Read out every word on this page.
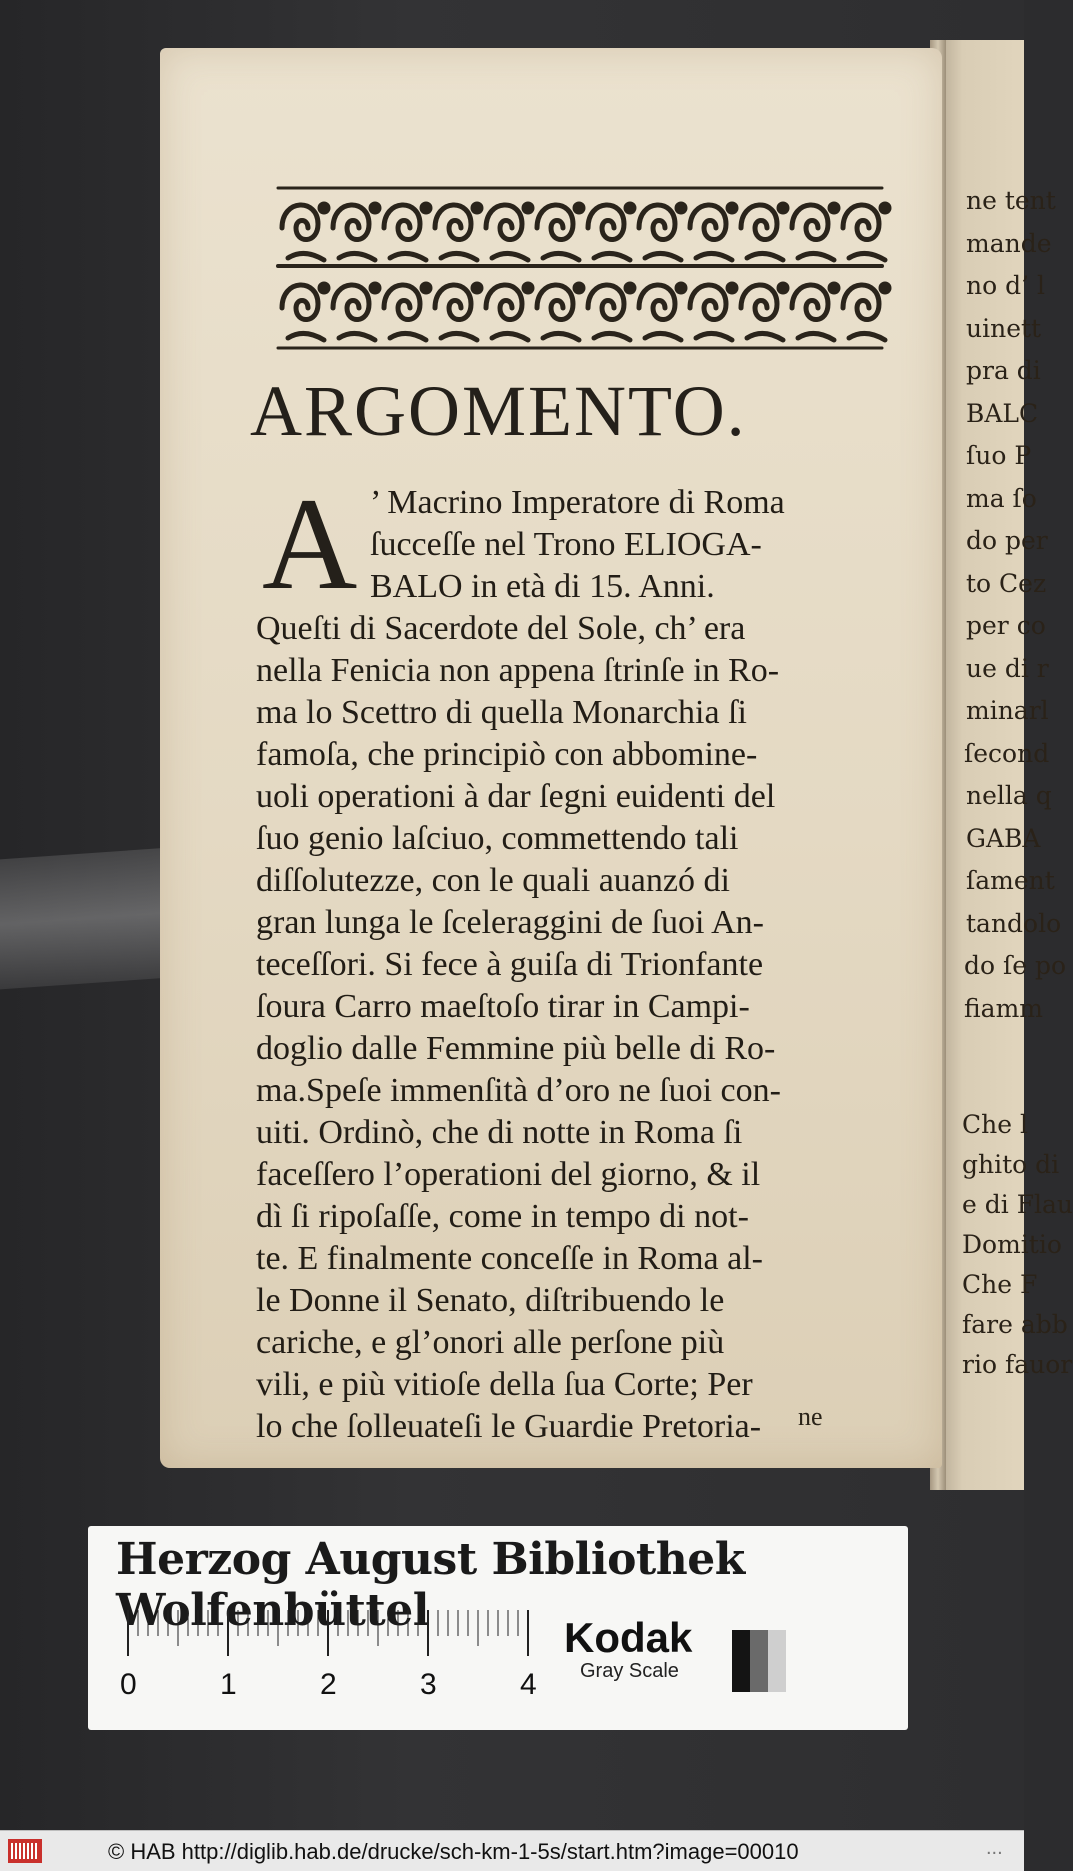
ne tent
mande
no d’ l
uinett
pra di
BALC
ſuo P
ma ſo
do per
to Cez
per co
ue di r
minarl
ſecond
nella q
GABA
ſament
tandolo
do ſe po
fiamm
Che l
ghito di
e di Flau
Domitio
Che F
fare abb
rio fauor
ARGOMENTO.
A ’ Macrino Imperatore di Roma
ſucceſſe nel Trono ELIOGA-
BALO in età di 15. Anni.
Queſti di Sacerdote del Sole, ch’ era
nella Fenicia non appena ſtrinſe in Ro-
ma lo Scettro di quella Monarchia ſi
famoſa, che principiò con abbomine-
uoli operationi à dar ſegni euidenti del
ſuo genio laſciuo, commettendo tali
diſſolutezze, con le quali auanzó di
gran lunga le ſceleraggini de ſuoi An-
teceſſori. Si fece à guiſa di Trionfante
ſoura Carro maeſtoſo tirar in Campi-
doglio dalle Femmine più belle di Ro-
ma.Speſe immenſità d’oro ne ſuoi con-
uiti. Ordinò, che di notte in Roma ſi
faceſſero l’operationi del giorno, & il
dì ſi ripoſaſſe, come in tempo di not-
te. E finalmente conceſſe in Roma al-
le Donne il Senato, diſtribuendo le
cariche, e gl’onori alle perſone più
vili, e più vitioſe della ſua Corte; Per
lo che ſolleuateſi le Guardie Pretoria- ne
Herzog August Bibliothek Wolfenbüttel
0	1	2	3	4
Kodak
Gray Scale
© HAB http://diglib.hab.de/drucke/sch-km-1-5s/start.htm?image=00010	...
